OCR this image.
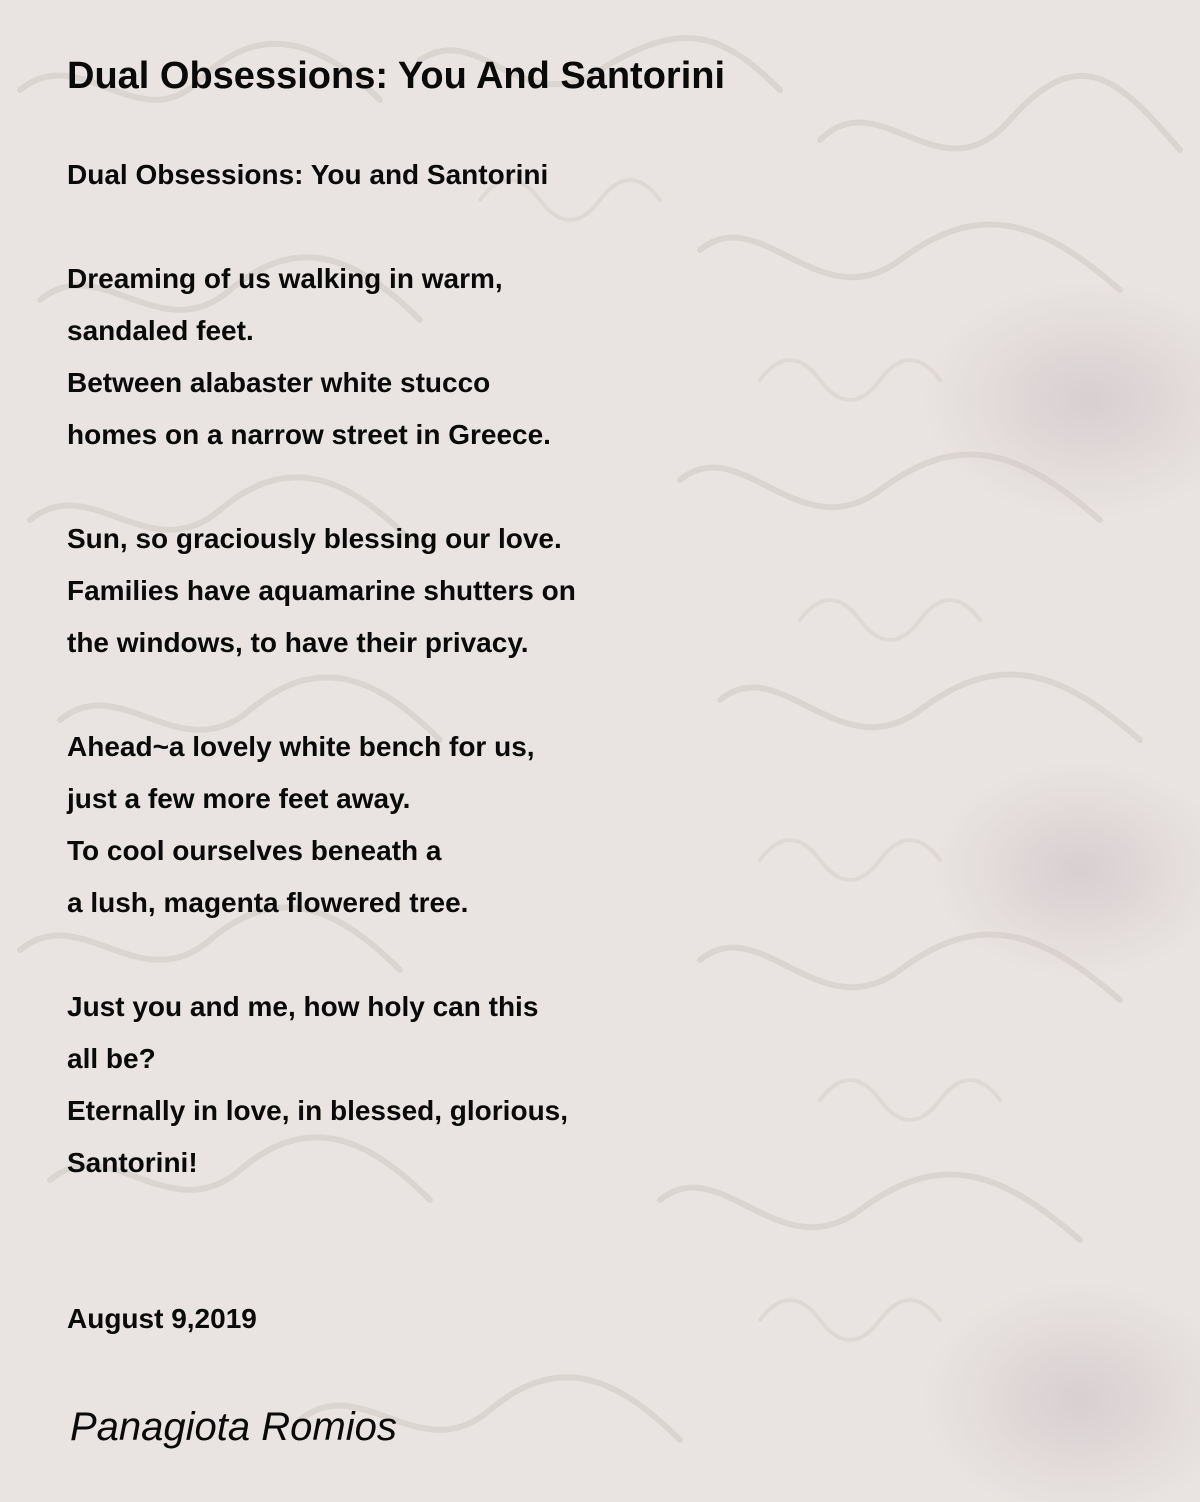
Dual Obsessions: You And Santorini
Dual Obsessions: You and Santorini
Dreaming of us walking in warm,
sandaled feet.
Between alabaster white stucco
homes on a narrow street in Greece.
Sun, so graciously blessing our love.
Families have aquamarine shutters on
the windows, to have their privacy.
Ahead~a lovely white bench for us,
just a few more feet away.
To cool ourselves beneath a
a lush, magenta flowered tree.
Just you and me, how holy can this
all be?
Eternally in love, in blessed, glorious,
Santorini!
August 9,2019
Panagiota Romios
